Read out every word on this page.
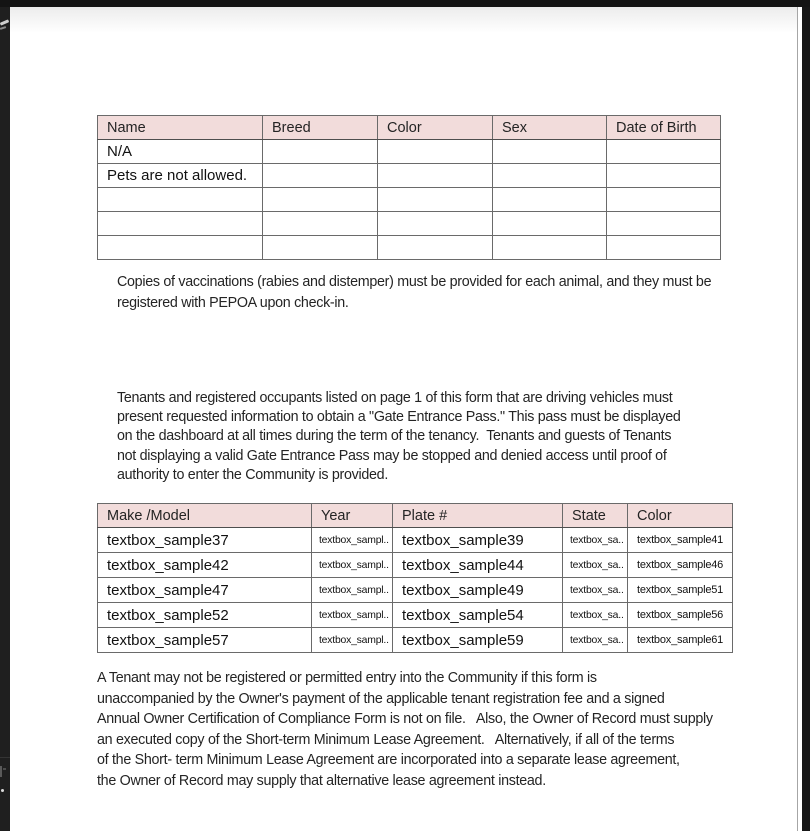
Name	Breed	Color	Sex	Date of Birth
N/A				
Pets are not allowed.				

Copies of vaccinations (rabies and distemper) must be provided for each animal, and they must be
registered with PEPOA upon check-in.
Tenants and registered occupants listed on page 1 of this form that are driving vehicles must
present requested information to obtain a "Gate Entrance Pass." This pass must be displayed
on the dashboard at all times during the term of the tenancy.  Tenants and guests of Tenants
not displaying a valid Gate Entrance Pass may be stopped and denied access until proof of
authority to enter the Community is provided.
Make /Model	Year	Plate #	State	Color
textbox_sample37	textbox_sampl..	textbox_sample39	textbox_sa..	textbox_sample41
textbox_sample42	textbox_sampl..	textbox_sample44	textbox_sa..	textbox_sample46
textbox_sample47	textbox_sampl..	textbox_sample49	textbox_sa..	textbox_sample51
textbox_sample52	textbox_sampl..	textbox_sample54	textbox_sa..	textbox_sample56
textbox_sample57	textbox_sampl..	textbox_sample59	textbox_sa..	textbox_sample61
A Tenant may not be registered or permitted entry into the Community if this form is
unaccompanied by the Owner's payment of the applicable tenant registration fee and a signed
Annual Owner Certification of Compliance Form is not on file.   Also, the Owner of Record must supply
an executed copy of the Short-term Minimum Lease Agreement.   Alternatively, if all of the terms
of the Short- term Minimum Lease Agreement are incorporated into a separate lease agreement,
the Owner of Record may supply that alternative lease agreement instead.
